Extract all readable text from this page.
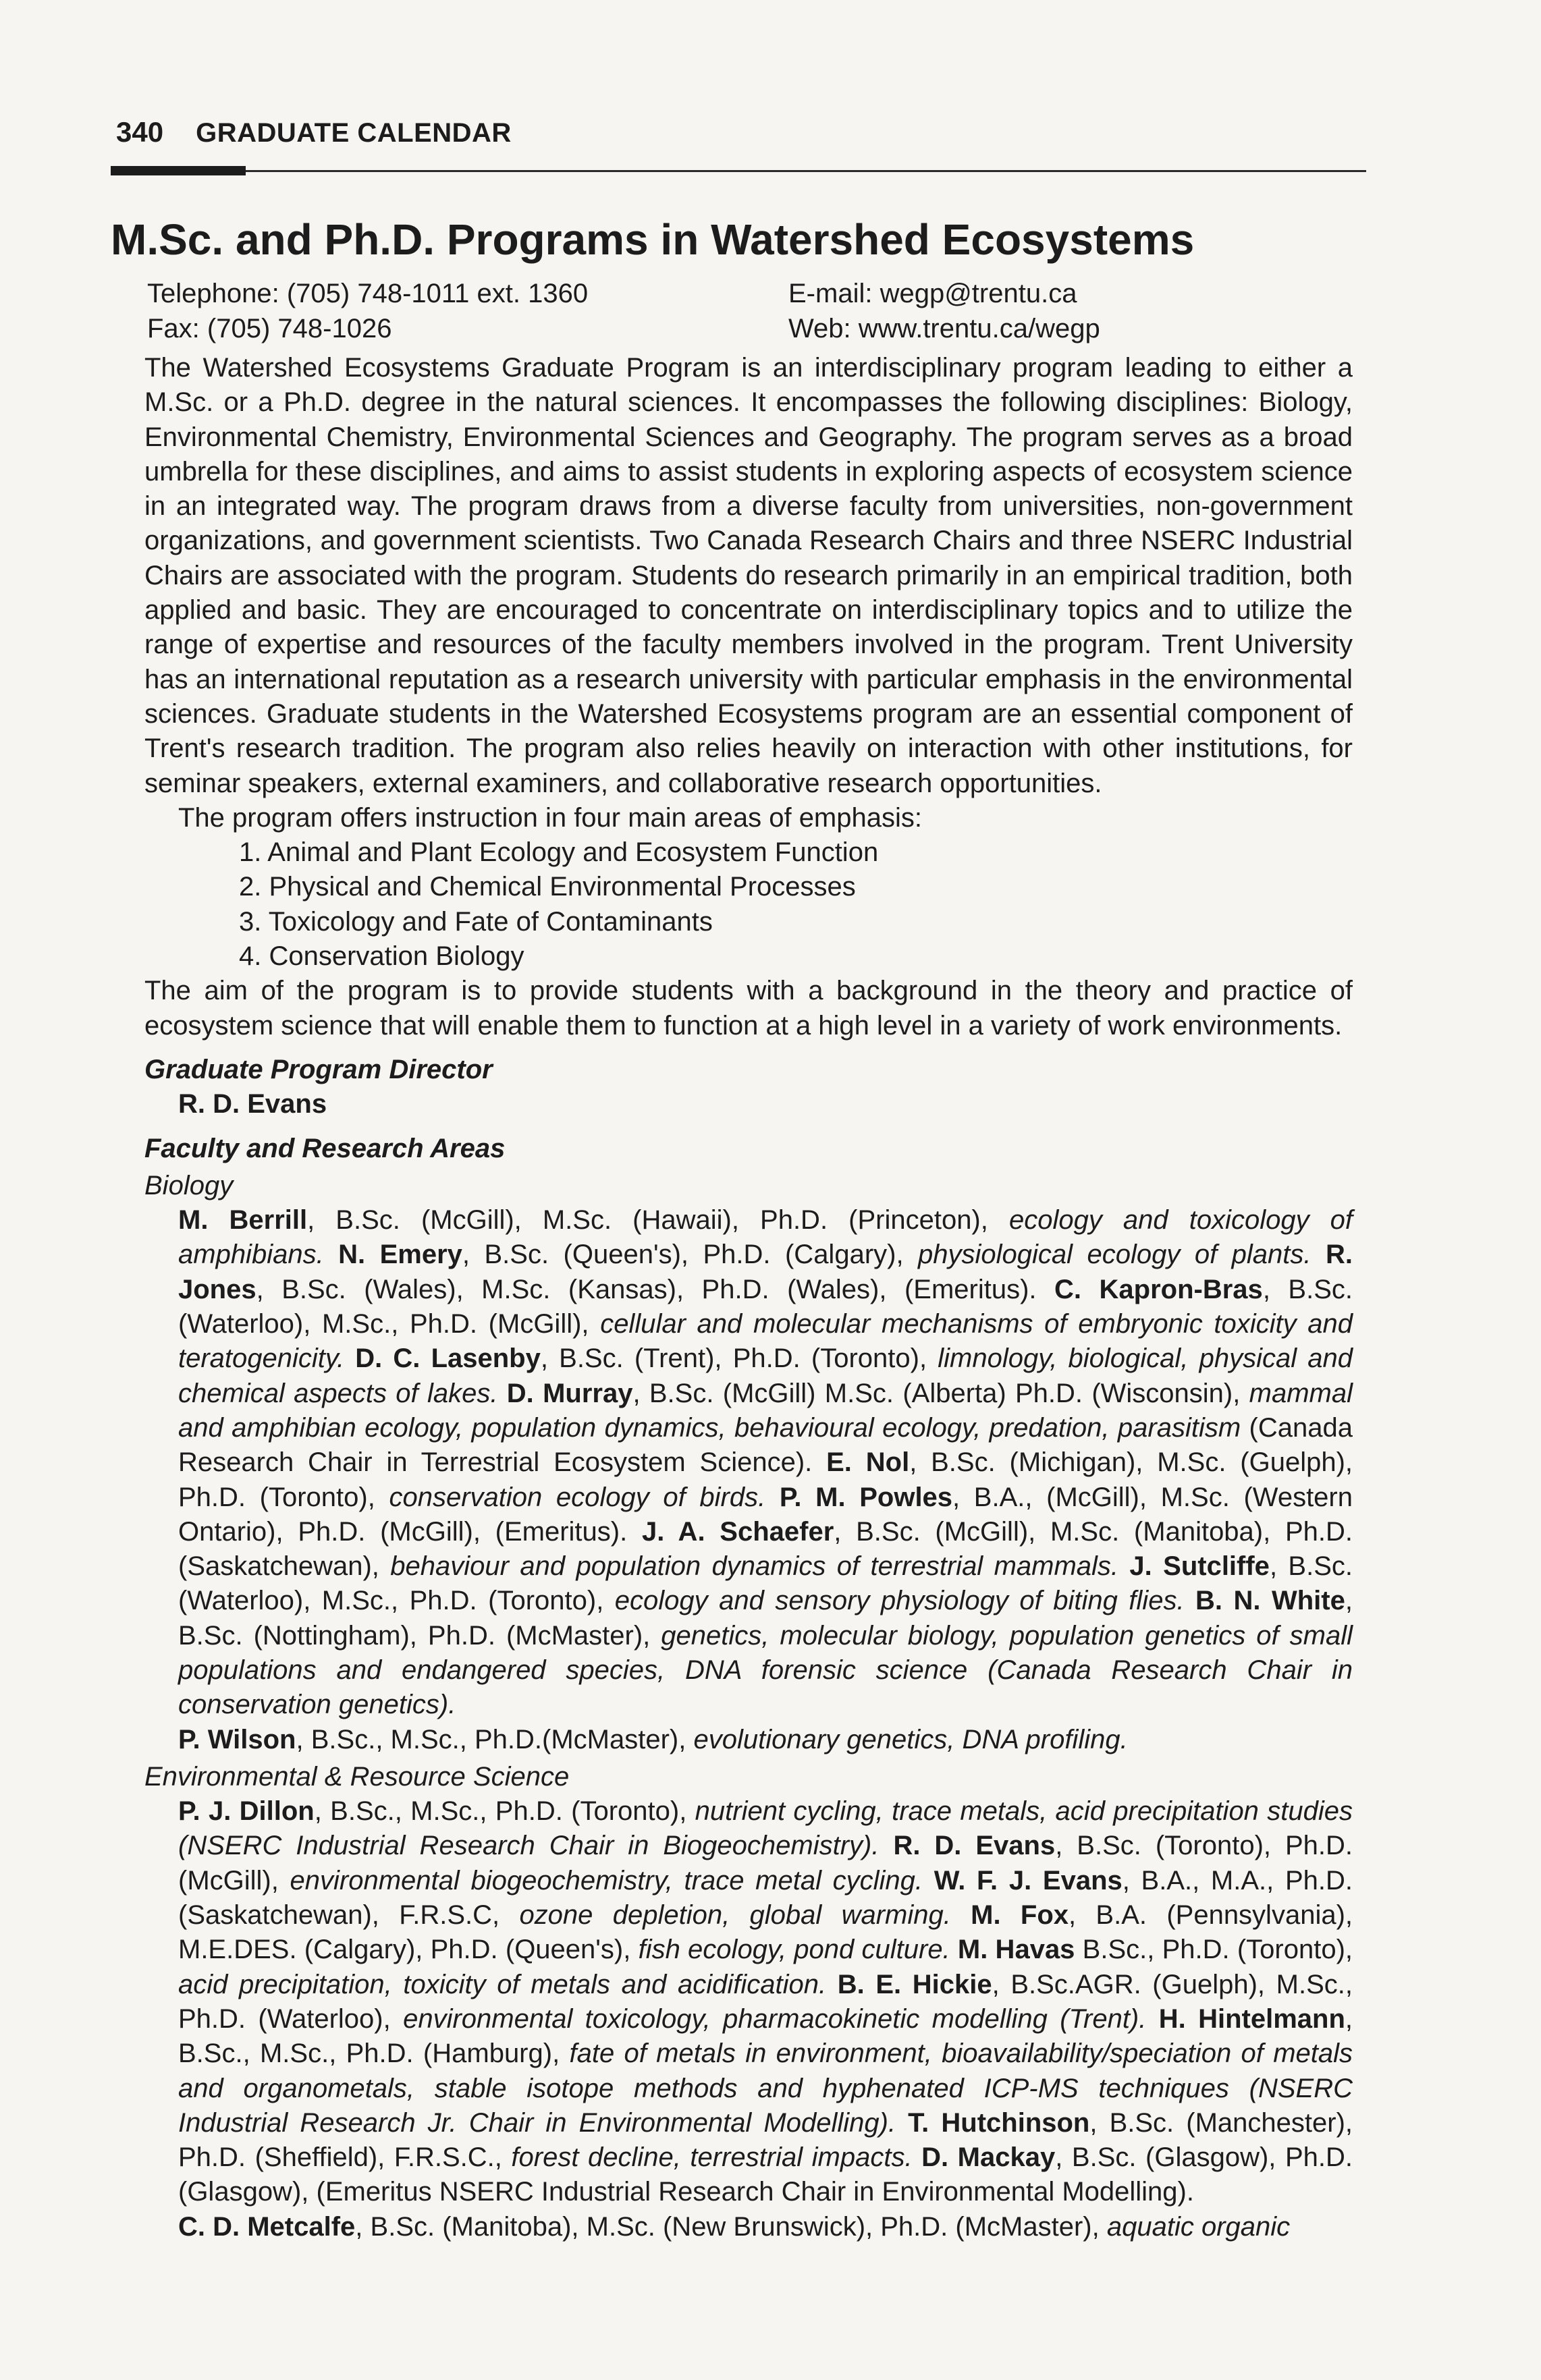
340 GRADUATE CALENDAR
M.Sc. and Ph.D. Programs in Watershed Ecosystems
Telephone: (705) 748-1011 ext. 1360	E-mail: wegp@trentu.ca
Fax: (705) 748-1026	Web: www.trentu.ca/wegp

The Watershed Ecosystems Graduate Program is an interdisciplinary program leading to either a M.Sc. or a Ph.D. degree in the natural sciences. It encompasses the following disciplines: Biology, Environmental Chemistry, Environmental Sciences and Geography. The program serves as a broad umbrella for these disciplines, and aims to assist students in exploring aspects of ecosystem science in an integrated way. The program draws from a diverse faculty from universities, non-government organizations, and government scientists. Two Canada Research Chairs and three NSERC Industrial Chairs are associated with the program. Students do research primarily in an empirical tradition, both applied and basic. They are encouraged to concentrate on interdisciplinary topics and to utilize the range of expertise and resources of the faculty members involved in the program. Trent University has an international reputation as a research university with particular emphasis in the environmental sciences. Graduate students in the Watershed Ecosystems program are an essential component of Trent's research tradition. The program also relies heavily on interaction with other institutions, for seminar speakers, external examiners, and collaborative research opportunities.

The program offers instruction in four main areas of emphasis:

1. Animal and Plant Ecology and Ecosystem Function
2. Physical and Chemical Environmental Processes
3. Toxicology and Fate of Contaminants
4. Conservation Biology

The aim of the program is to provide students with a background in the theory and practice of ecosystem science that will enable them to function at a high level in a variety of work environments.

Graduate Program Director
R. D. Evans
Faculty and Research Areas
Biology

M. Berrill, B.Sc. (McGill), M.Sc. (Hawaii), Ph.D. (Princeton), ecology and toxicology of amphibians. N. Emery, B.Sc. (Queen's), Ph.D. (Calgary), physiological ecology of plants. R. Jones, B.Sc. (Wales), M.Sc. (Kansas), Ph.D. (Wales), (Emeritus). C. Kapron-Bras, B.Sc. (Waterloo), M.Sc., Ph.D. (McGill), cellular and molecular mechanisms of embryonic toxicity and teratogenicity. D. C. Lasenby, B.Sc. (Trent), Ph.D. (Toronto), limnology, biological, physical and chemical aspects of lakes. D. Murray, B.Sc. (McGill) M.Sc. (Alberta) Ph.D. (Wisconsin), mammal and amphibian ecology, population dynamics, behavioural ecology, predation, parasitism (Canada Research Chair in Terrestrial Ecosystem Science). E. Nol, B.Sc. (Michigan), M.Sc. (Guelph), Ph.D. (Toronto), conservation ecology of birds. P. M. Powles, B.A., (McGill), M.Sc. (Western Ontario), Ph.D. (McGill), (Emeritus). J. A. Schaefer, B.Sc. (McGill), M.Sc. (Manitoba), Ph.D. (Saskatchewan), behaviour and population dynamics of terrestrial mammals. J. Sutcliffe, B.Sc. (Waterloo), M.Sc., Ph.D. (Toronto), ecology and sensory physiology of biting flies. B. N. White, B.Sc. (Nottingham), Ph.D. (McMaster), genetics, molecular biology, population genetics of small populations and endangered species, DNA forensic science (Canada Research Chair in conservation genetics).
P. Wilson, B.Sc., M.Sc., Ph.D.(McMaster), evolutionary genetics, DNA profiling.

Environmental & Resource Science

P. J. Dillon, B.Sc., M.Sc., Ph.D. (Toronto), nutrient cycling, trace metals, acid precipitation studies (NSERC Industrial Research Chair in Biogeochemistry). R. D. Evans, B.Sc. (Toronto), Ph.D. (McGill), environmental biogeochemistry, trace metal cycling. W. F. J. Evans, B.A., M.A., Ph.D. (Saskatchewan), F.R.S.C, ozone depletion, global warming. M. Fox, B.A. (Pennsylvania), M.E.DES. (Calgary), Ph.D. (Queen's), fish ecology, pond culture. M. Havas B.Sc., Ph.D. (Toronto), acid precipitation, toxicity of metals and acidification. B. E. Hickie, B.Sc.AGR. (Guelph), M.Sc., Ph.D. (Waterloo), environmental toxicology, pharmacokinetic modelling (Trent). H. Hintelmann, B.Sc., M.Sc., Ph.D. (Hamburg), fate of metals in environment, bioavailability/speciation of metals and organometals, stable isotope methods and hyphenated ICP-MS techniques (NSERC Industrial Research Jr. Chair in Environmental Modelling). T. Hutchinson, B.Sc. (Manchester), Ph.D. (Sheffield), F.R.S.C., forest decline, terrestrial impacts. D. Mackay, B.Sc. (Glasgow), Ph.D. (Glasgow), (Emeritus NSERC Industrial Research Chair in Environmental Modelling).
C. D. Metcalfe, B.Sc. (Manitoba), M.Sc. (New Brunswick), Ph.D. (McMaster), aquatic organic
